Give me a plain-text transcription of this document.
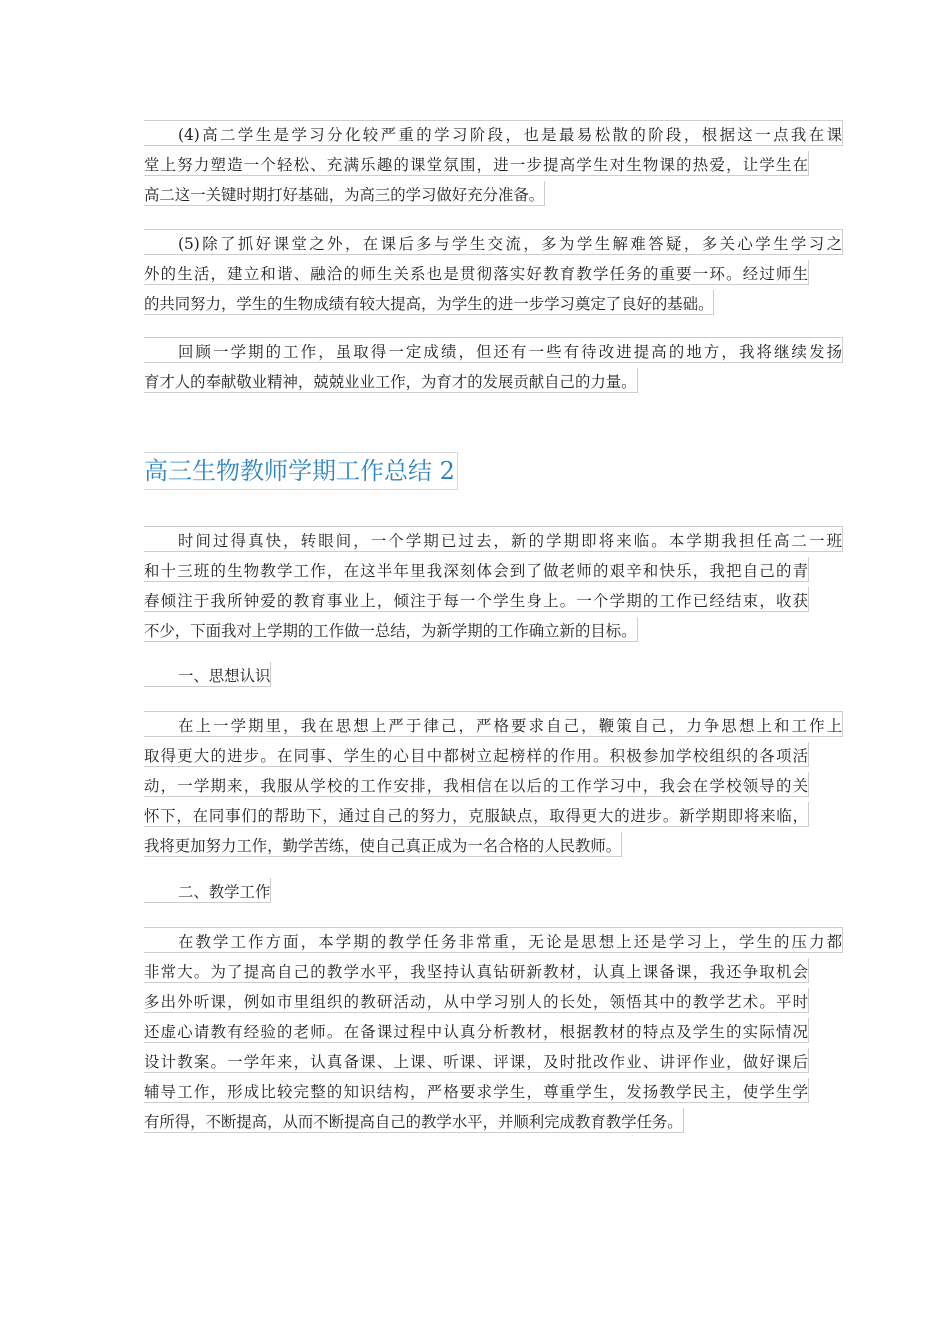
(4)高二学生是学习分化较严重的学习阶段，也是最易松散的阶段，根据这一点我在课
堂上努力塑造一个轻松、充满乐趣的课堂氛围，进一步提高学生对生物课的热爱，让学生在
高二这一关键时期打好基础，为高三的学习做好充分准备。
(5)除了抓好课堂之外，在课后多与学生交流，多为学生解难答疑，多关心学生学习之
外的生活，建立和谐、融洽的师生关系也是贯彻落实好教育教学任务的重要一环。经过师生
的共同努力，学生的生物成绩有较大提高，为学生的进一步学习奠定了良好的基础。
回顾一学期的工作，虽取得一定成绩，但还有一些有待改进提高的地方，我将继续发扬
育才人的奉献敬业精神，兢兢业业工作，为育才的发展贡献自己的力量。
高三生物教师学期工作总结 2
时间过得真快，转眼间，一个学期已过去，新的学期即将来临。本学期我担任高二一班
和十三班的生物教学工作，在这半年里我深刻体会到了做老师的艰辛和快乐，我把自己的青
春倾注于我所钟爱的教育事业上，倾注于每一个学生身上。一个学期的工作已经结束，收获
不少，下面我对上学期的工作做一总结，为新学期的工作确立新的目标。
一、思想认识
在上一学期里，我在思想上严于律己，严格要求自己，鞭策自己，力争思想上和工作上
取得更大的进步。在同事、学生的心目中都树立起榜样的作用。积极参加学校组织的各项活
动，一学期来，我服从学校的工作安排，我相信在以后的工作学习中，我会在学校领导的关
怀下，在同事们的帮助下，通过自己的努力，克服缺点，取得更大的进步。新学期即将来临，
我将更加努力工作，勤学苦练，使自己真正成为一名合格的人民教师。
二、教学工作
在教学工作方面，本学期的教学任务非常重，无论是思想上还是学习上，学生的压力都
非常大。为了提高自己的教学水平，我坚持认真钻研新教材，认真上课备课，我还争取机会
多出外听课，例如市里组织的教研活动，从中学习别人的长处，领悟其中的教学艺术。平时
还虚心请教有经验的老师。在备课过程中认真分析教材，根据教材的特点及学生的实际情况
设计教案。一学年来，认真备课、上课、听课、评课，及时批改作业、讲评作业，做好课后
辅导工作，形成比较完整的知识结构，严格要求学生，尊重学生，发扬教学民主，使学生学
有所得，不断提高，从而不断提高自己的教学水平，并顺利完成教育教学任务。
